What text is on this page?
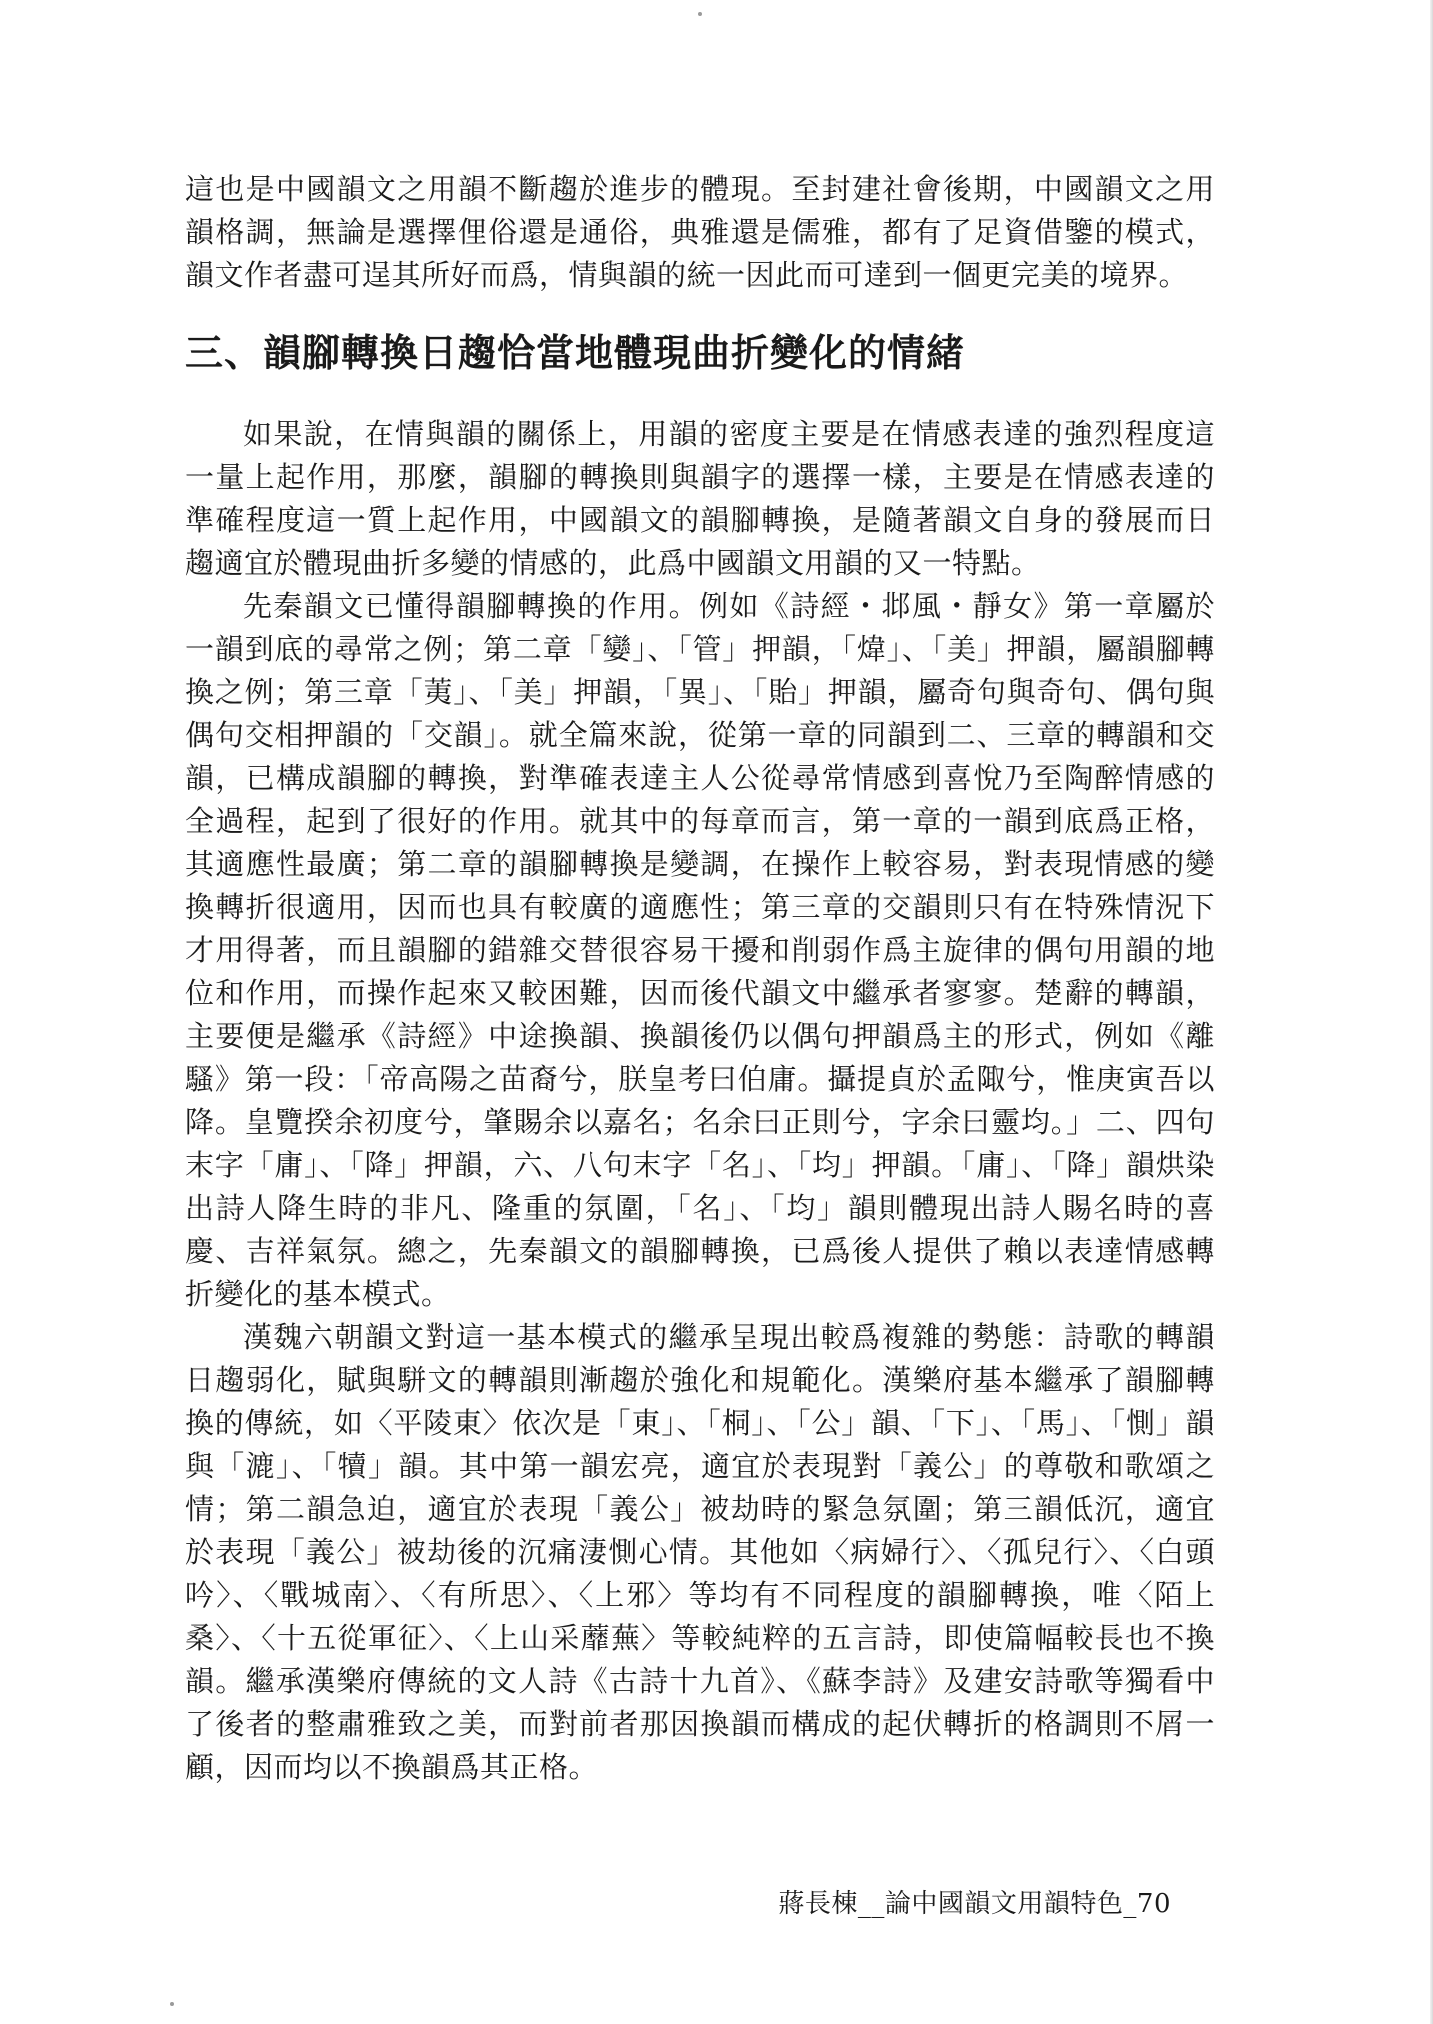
這也是中國韻文之用韻不斷趨於進步的體現。至封建社會後期，中國韻文之用韻格調，無論是選擇俚俗還是通俗，典雅還是儒雅，都有了足資借鑒的模式，韻文作者盡可逞其所好而爲，情與韻的統一因此而可達到一個更完美的境界。

三、韻腳轉換日趨恰當地體現曲折變化的情緒

如果說，在情與韻的關係上，用韻的密度主要是在情感表達的強烈程度這一量上起作用，那麼，韻腳的轉換則與韻字的選擇一樣，主要是在情感表達的準確程度這一質上起作用，中國韻文的韻腳轉換，是隨著韻文自身的發展而日趨適宜於體現曲折多變的情感的，此爲中國韻文用韻的又一特點。

先秦韻文已懂得韻腳轉換的作用。例如《詩經・邶風・靜女》第一章屬於一韻到底的尋常之例；第二章「孌」、「管」押韻，「煒」、「美」押韻，屬韻腳轉換之例；第三章「荑」、「美」押韻，「異」、「貽」押韻，屬奇句與奇句、偶句與偶句交相押韻的「交韻」。就全篇來說，從第一章的同韻到二、三章的轉韻和交韻，已構成韻腳的轉換，對準確表達主人公從尋常情感到喜悅乃至陶醉情感的全過程，起到了很好的作用。就其中的每章而言，第一章的一韻到底爲正格，其適應性最廣；第二章的韻腳轉換是變調，在操作上較容易，對表現情感的變換轉折很適用，因而也具有較廣的適應性；第三章的交韻則只有在特殊情況下才用得著，而且韻腳的錯雜交替很容易干擾和削弱作爲主旋律的偶句用韻的地位和作用，而操作起來又較困難，因而後代韻文中繼承者寥寥。楚辭的轉韻，主要便是繼承《詩經》中途換韻、換韻後仍以偶句押韻爲主的形式，例如《離騷》第一段：「帝高陽之苗裔兮，朕皇考曰伯庸。攝提貞於孟陬兮，惟庚寅吾以降。皇覽揆余初度兮，肇賜余以嘉名；名余曰正則兮，字余曰靈均。」二、四句末字「庸」、「降」押韻，六、八句末字「名」、「均」押韻。「庸」、「降」韻烘染出詩人降生時的非凡、隆重的氛圍，「名」、「均」韻則體現出詩人賜名時的喜慶、吉祥氣氛。總之，先秦韻文的韻腳轉換，已爲後人提供了賴以表達情感轉折變化的基本模式。

漢魏六朝韻文對這一基本模式的繼承呈現出較爲複雜的勢態：詩歌的轉韻日趨弱化，賦與駢文的轉韻則漸趨於強化和規範化。漢樂府基本繼承了韻腳轉換的傳統，如〈平陵東〉依次是「東」、「桐」、「公」韻、「下」、「馬」、「惻」韻與「漉」、「犢」韻。其中第一韻宏亮，適宜於表現對「義公」的尊敬和歌頌之情；第二韻急迫，適宜於表現「義公」被劫時的緊急氛圍；第三韻低沉，適宜於表現「義公」被劫後的沉痛淒惻心情。其他如〈病婦行〉、〈孤兒行〉、〈白頭吟〉、〈戰城南〉、〈有所思〉、〈上邪〉等均有不同程度的韻腳轉換，唯〈陌上桑〉、〈十五從軍征〉、〈上山采蘼蕪〉等較純粹的五言詩，即使篇幅較長也不換韻。繼承漢樂府傳統的文人詩《古詩十九首》、《蘇李詩》及建安詩歌等獨看中了後者的整肅雅致之美，而對前者那因換韻而構成的起伏轉折的格調則不屑一顧，因而均以不換韻爲其正格。

蔣長棟__論中國韻文用韻特色_70
